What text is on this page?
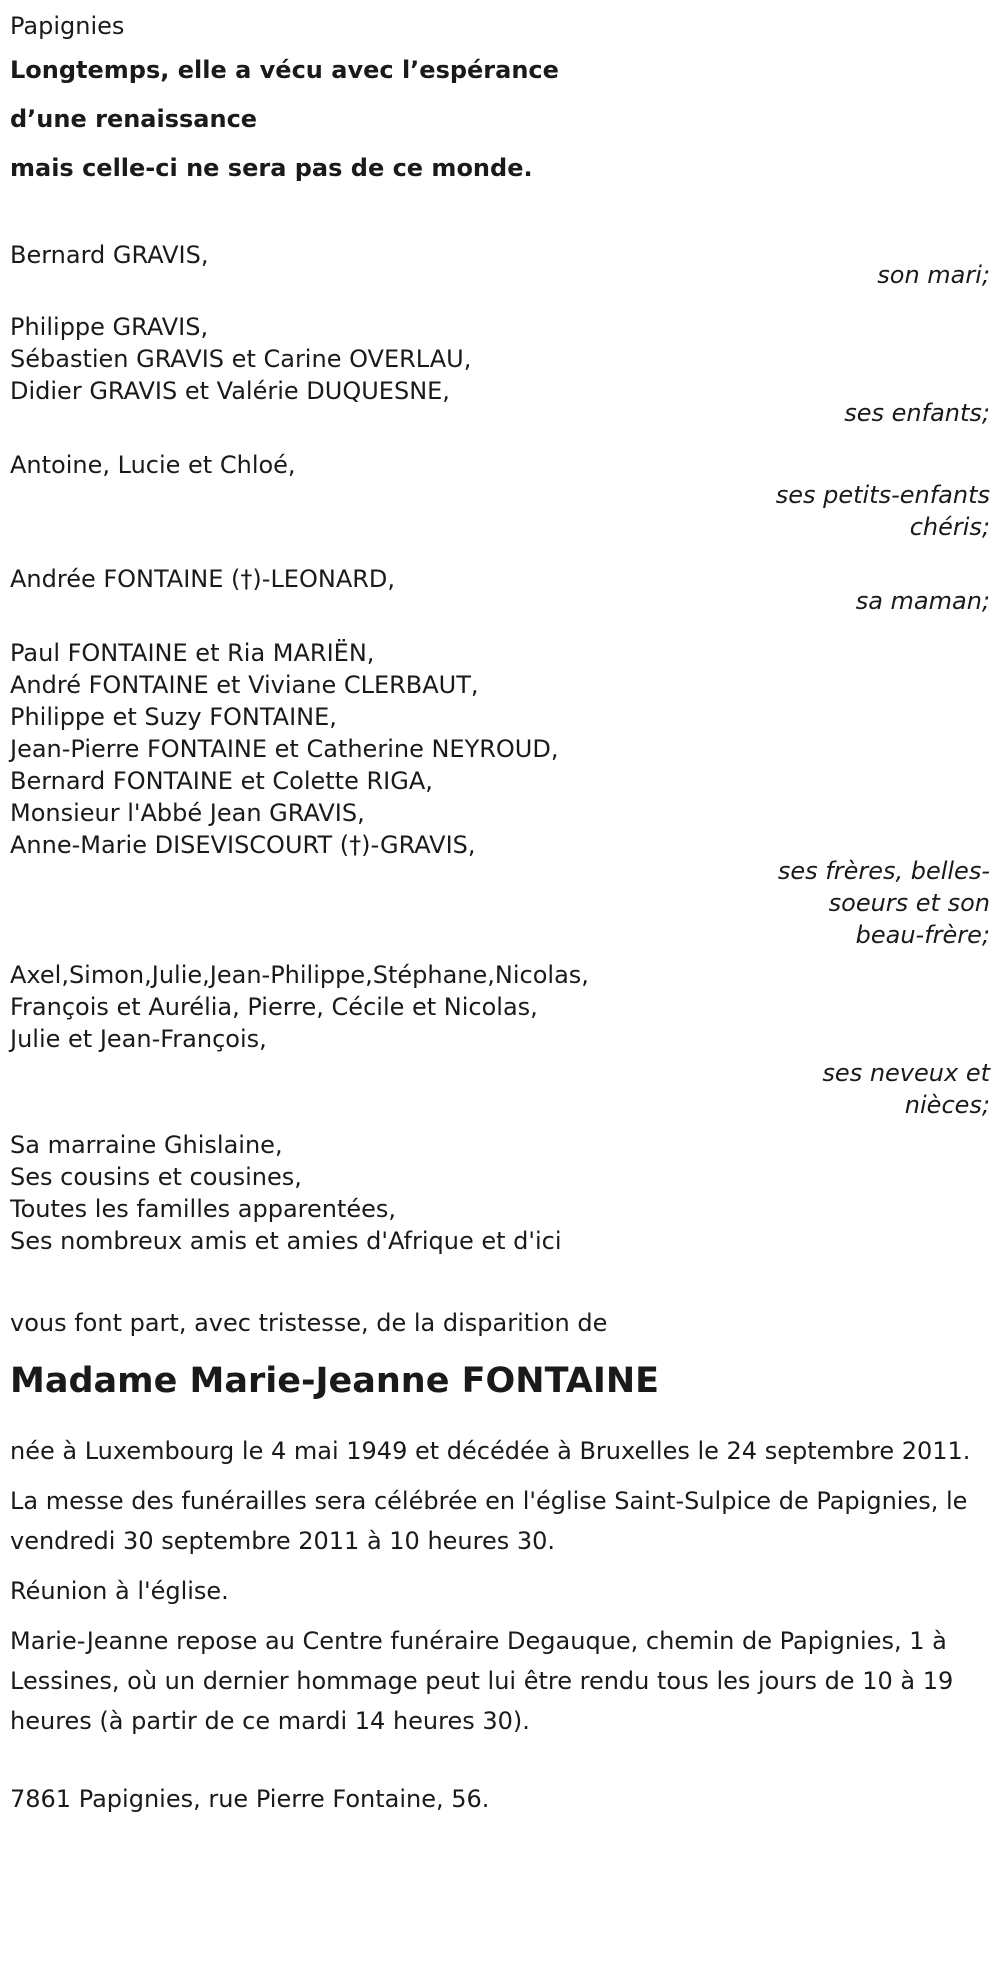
Papignies
Longtemps, elle a vécu avec l’espérance
d’une renaissance
mais celle-ci ne sera pas de ce monde.
Bernard GRAVIS,
son mari;
Philippe GRAVIS,
Sébastien GRAVIS et Carine OVERLAU,
Didier GRAVIS et Valérie DUQUESNE,
ses enfants;
Antoine, Lucie et Chloé,
ses petits-enfants
chéris;
Andrée FONTAINE (†)-LEONARD,
sa maman;
Paul FONTAINE et Ria MARIËN,
André FONTAINE et Viviane CLERBAUT,
Philippe et Suzy FONTAINE,
Jean-Pierre FONTAINE et Catherine NEYROUD,
Bernard FONTAINE et Colette RIGA,
Monsieur l'Abbé Jean GRAVIS,
Anne-Marie DISEVISCOURT (†)-GRAVIS,
ses frères, belles-
soeurs et son
beau-frère;
Axel,Simon,Julie,Jean-Philippe,Stéphane,Nicolas,
François et Aurélia, Pierre, Cécile et Nicolas,
Julie et Jean-François,
ses neveux et
nièces;
Sa marraine Ghislaine,
Ses cousins et cousines,
Toutes les familles apparentées,
Ses nombreux amis et amies d'Afrique et d'ici
vous font part, avec tristesse, de la disparition de
Madame Marie-Jeanne FONTAINE
née à Luxembourg le 4 mai 1949 et décédée à Bruxelles le 24 septembre 2011.
La messe des funérailles sera célébrée en l'église Saint-Sulpice de Papignies, le vendredi 30 septembre 2011 à 10 heures 30.
Réunion à l'église.
Marie-Jeanne repose au Centre funéraire Degauque, chemin de Papignies, 1 à Lessines, où un dernier hommage peut lui être rendu tous les jours de 10 à 19 heures (à partir de ce mardi 14 heures 30).
7861 Papignies, rue Pierre Fontaine, 56.
